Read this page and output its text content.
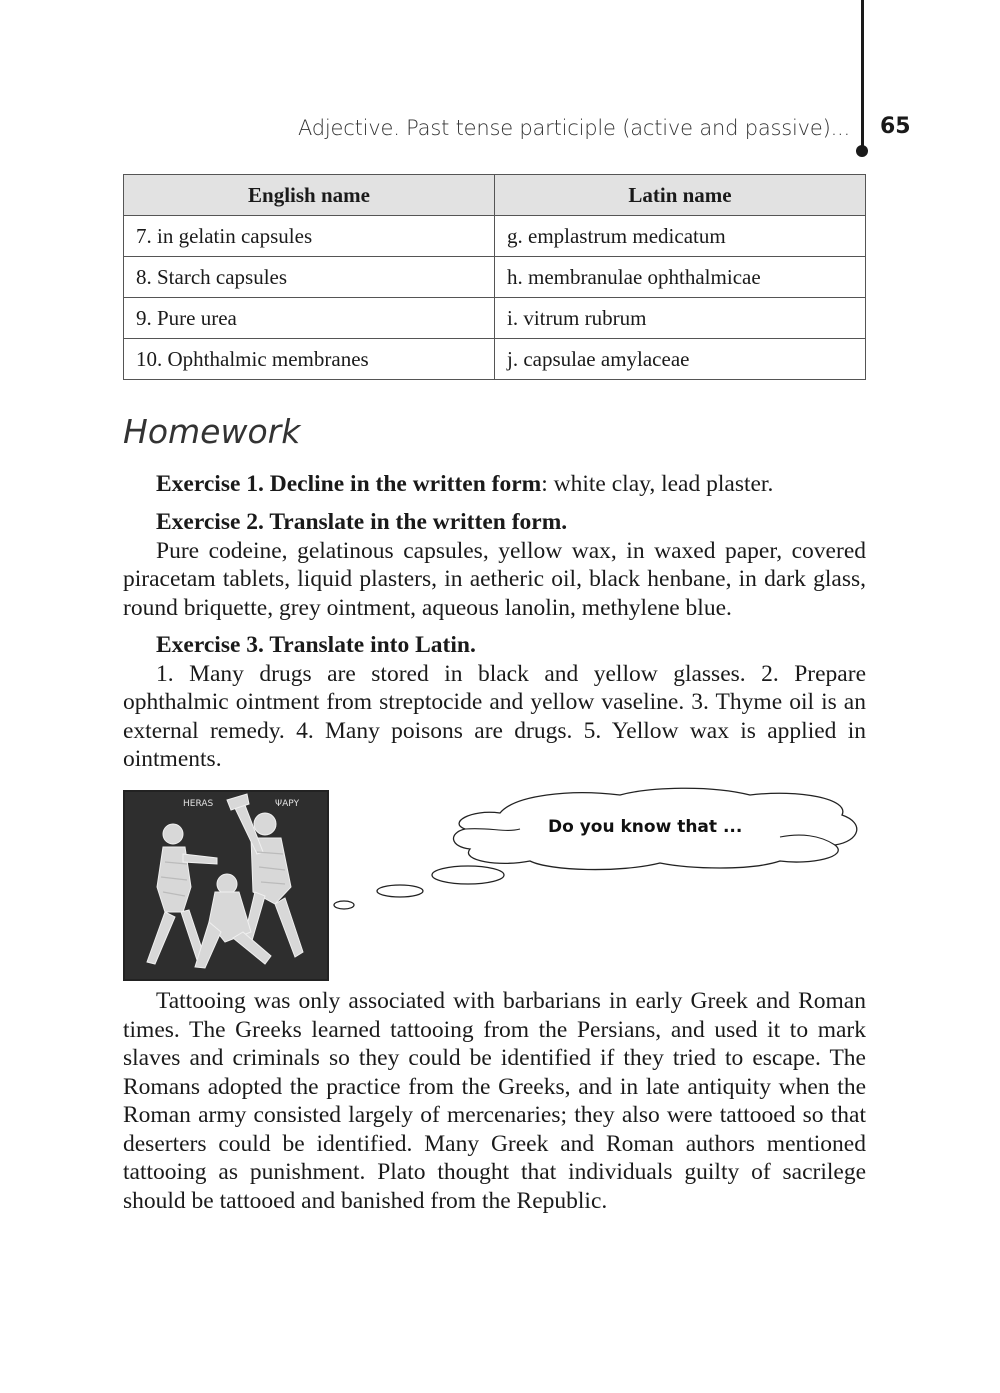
Adjective. Past tense participle (active and passive)... 65
English name	Latin name
7. in gelatin capsules	g. emplastrum medicatum
8. Starch capsules	h. membranulae ophthalmicae
9. Pure urea	i. vitrum rubrum
10. Ophthalmic membranes	j. capsulae amylaceae
Homework

Exercise 1. Decline in the written form: white clay, lead plaster.

Exercise 2. Translate in the written form.

Pure codeine, gelatinous capsules, yellow wax, in waxed paper, covered piracetam tablets, liquid plasters, in aetheric oil, black henbane, in dark glass, round briquette, grey ointment, aqueous lanolin, methylene blue.

Exercise 3. Translate into Latin.

1. Many drugs are stored in black and yellow glasses. 2. Prepare ophthalmic ointment from streptocide and yellow vaseline. 3. Thyme oil is an external remedy. 4. Many poisons are drugs. 5. Yellow wax is applied in ointments.

HERAS	ΨΑΡΥ
Do you know that ...

Tattooing was only associated with barbarians in early Greek and Roman times. The Greeks learned tattooing from the Persians, and used it to mark slaves and criminals so they could be identified if they tried to escape. The Romans adopted the practice from the Greeks, and in late antiquity when the Roman army consisted largely of mercenaries; they also were tattooed so that deserters could be identified. Many Greek and Roman authors mentioned tattooing as punishment. Plato thought that individuals guilty of sacrilege should be tattooed and banished from the Republic.
